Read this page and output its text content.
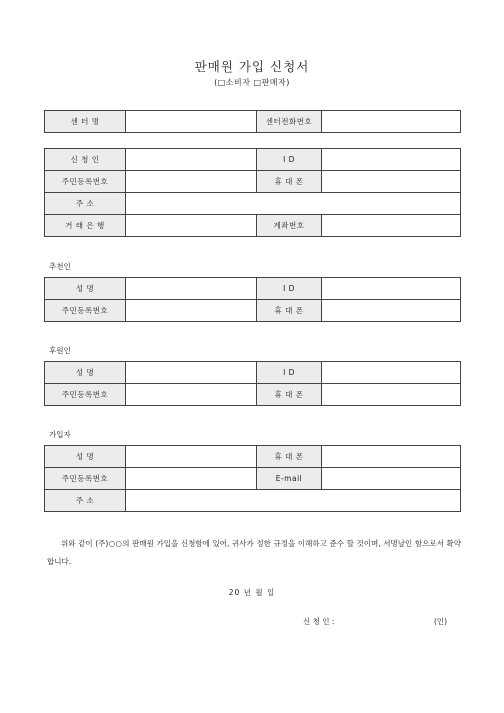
판매원 가입 신청서
(□소비자 □판매자)
센 터 명		센터전화번호	
신 청 인		I D	
주민등록번호		휴 대 폰	
주 소			
거 래 은 행		계좌번호	
추천인
성 명		I D	
주민등록번호		휴 대 폰	
후원인
성 명		I D	
주민등록번호		휴 대 폰	
가입자
성 명		휴 대 폰	
주민등록번호		E-mail	
주 소			
위와 같이 (주)○○의 판매원 가입을 신청함에 있어, 귀사가 정한 규정을 이해하고 준수 할 것이며, 서명날인 함으로서 확약합니다.
20 년 월 일
신 청 인 :	(인)
